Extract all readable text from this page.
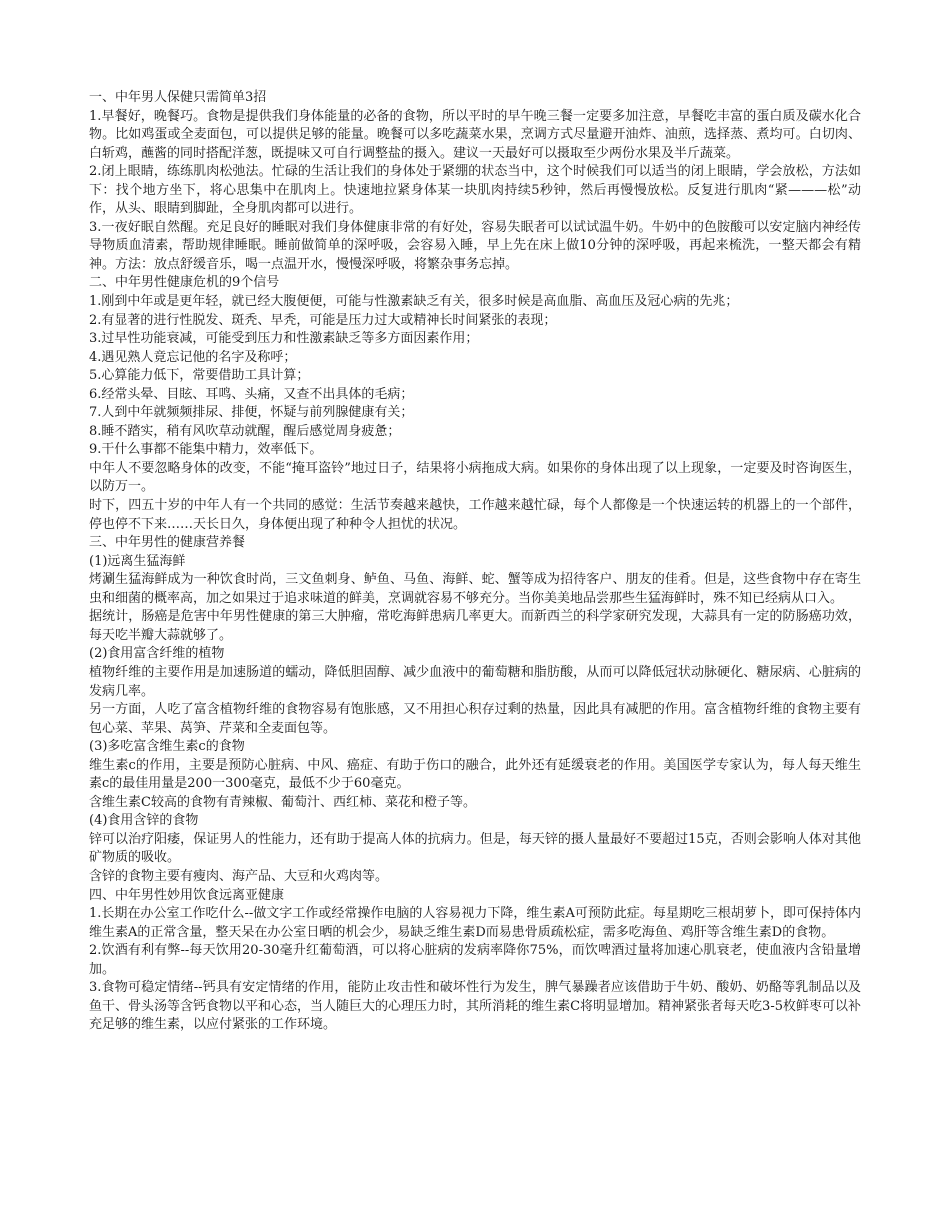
一、中年男人保健只需简单3招

1.早餐好，晚餐巧。食物是提供我们身体能量的必备的食物，所以平时的早午晚三餐一定要多加注意，早餐吃丰富的蛋白质及碳水化合物。比如鸡蛋或全麦面包，可以提供足够的能量。晚餐可以多吃蔬菜水果，烹调方式尽量避开油炸、油煎，选择蒸、煮均可。白切肉、白斩鸡，蘸酱的同时搭配洋葱，既提味又可自行调整盐的摄入。建议一天最好可以摄取至少两份水果及半斤蔬菜。

2.闭上眼睛，练练肌肉松弛法。忙碌的生活让我们的身体处于紧绷的状态当中，这个时候我们可以适当的闭上眼睛，学会放松，方法如下：找个地方坐下，将心思集中在肌肉上。快速地拉紧身体某一块肌肉持续5秒钟，然后再慢慢放松。反复进行肌肉“紧———松”动作，从头、眼睛到脚趾，全身肌肉都可以进行。

3.一夜好眠自然醒。充足良好的睡眠对我们身体健康非常的有好处，容易失眠者可以试试温牛奶。牛奶中的色胺酸可以安定脑内神经传导物质血清素，帮助规律睡眠。睡前做简单的深呼吸，会容易入睡，早上先在床上做10分钟的深呼吸，再起来梳洗，一整天都会有精神。方法：放点舒缓音乐，喝一点温开水，慢慢深呼吸，将繁杂事务忘掉。

二、中年男性健康危机的9个信号

1.刚到中年或是更年轻，就已经大腹便便，可能与性激素缺乏有关，很多时候是高血脂、高血压及冠心病的先兆；

2.有显著的进行性脱发、斑秃、早秃，可能是压力过大或精神长时间紧张的表现；

3.过早性功能衰减，可能受到压力和性激素缺乏等多方面因素作用；

4.遇见熟人竟忘记他的名字及称呼；

5.心算能力低下，常要借助工具计算；

6.经常头晕、目眩、耳鸣、头痛，又查不出具体的毛病；

7.人到中年就频频排尿、排便，怀疑与前列腺健康有关；

8.睡不踏实，稍有风吹草动就醒，醒后感觉周身疲惫；

9.干什么事都不能集中精力，效率低下。

中年人不要忽略身体的改变，不能“掩耳盗铃”地过日子，结果将小病拖成大病。如果你的身体出现了以上现象，一定要及时咨询医生，以防万一。

时下，四五十岁的中年人有一个共同的感觉：生活节奏越来越快，工作越来越忙碌，每个人都像是一个快速运转的机器上的一个部件，停也停不下来……天长日久，身体便出现了种种令人担忧的状况。

三、中年男性的健康营养餐

(1)远离生猛海鲜

烤涮生猛海鲜成为一种饮食时尚，三文鱼刺身、鲈鱼、马鱼、海鲜、蛇、蟹等成为招待客户、朋友的佳肴。但是，这些食物中存在寄生虫和细菌的概率高，加之如果过于追求味道的鲜美，烹调就容易不够充分。当你美美地品尝那些生猛海鲜时，殊不知已经病从口入。

据统计，肠癌是危害中年男性健康的第三大肿瘤，常吃海鲜患病几率更大。而新西兰的科学家研究发现，大蒜具有一定的防肠癌功效，每天吃半瓣大蒜就够了。

(2)食用富含纤维的植物

植物纤维的主要作用是加速肠道的蠕动，降低胆固醇、减少血液中的葡萄糖和脂肪酸，从而可以降低冠状动脉硬化、糖尿病、心脏病的发病几率。

另一方面，人吃了富含植物纤维的食物容易有饱胀感，又不用担心积存过剩的热量，因此具有减肥的作用。富含植物纤维的食物主要有包心菜、苹果、莴笋、芹菜和全麦面包等。

(3)多吃富含维生素c的食物

维生素c的作用，主要是预防心脏病、中风、癌症、有助于伤口的融合，此外还有延缓衰老的作用。美国医学专家认为，每人每天维生素c的最佳用量是200一300毫克，最低不少于60毫克。

含维生素C较高的食物有青辣椒、葡萄汁、西红柿、菜花和橙子等。

(4)食用含锌的食物

锌可以治疗阳痿，保证男人的性能力，还有助于提高人体的抗病力。但是，每天锌的摄人量最好不要超过15克，否则会影响人体对其他矿物质的吸收。

含锌的食物主要有瘦肉、海产品、大豆和火鸡肉等。

四、中年男性妙用饮食远离亚健康

1.长期在办公室工作吃什么--做文字工作或经常操作电脑的人容易视力下降，维生素A可预防此症。每星期吃三根胡萝卜，即可保持体内维生素A的正常含量，整天呆在办公室日晒的机会少，易缺乏维生素D而易患骨质疏松症，需多吃海鱼、鸡肝等含维生素D的食物。

2.饮酒有利有弊--每天饮用20-30毫升红葡萄酒，可以将心脏病的发病率降你75%，而饮啤酒过量将加速心肌衰老，使血液内含铅量增加。

3.食物可稳定情绪--钙具有安定情绪的作用，能防止攻击性和破坏性行为发生，脾气暴躁者应该借助于牛奶、酸奶、奶酪等乳制品以及鱼干、骨头汤等含钙食物以平和心态，当人随巨大的心理压力时，其所消耗的维生素C将明显增加。精神紧张者每天吃3-5枚鲜枣可以补充足够的维生素，以应付紧张的工作环境。
